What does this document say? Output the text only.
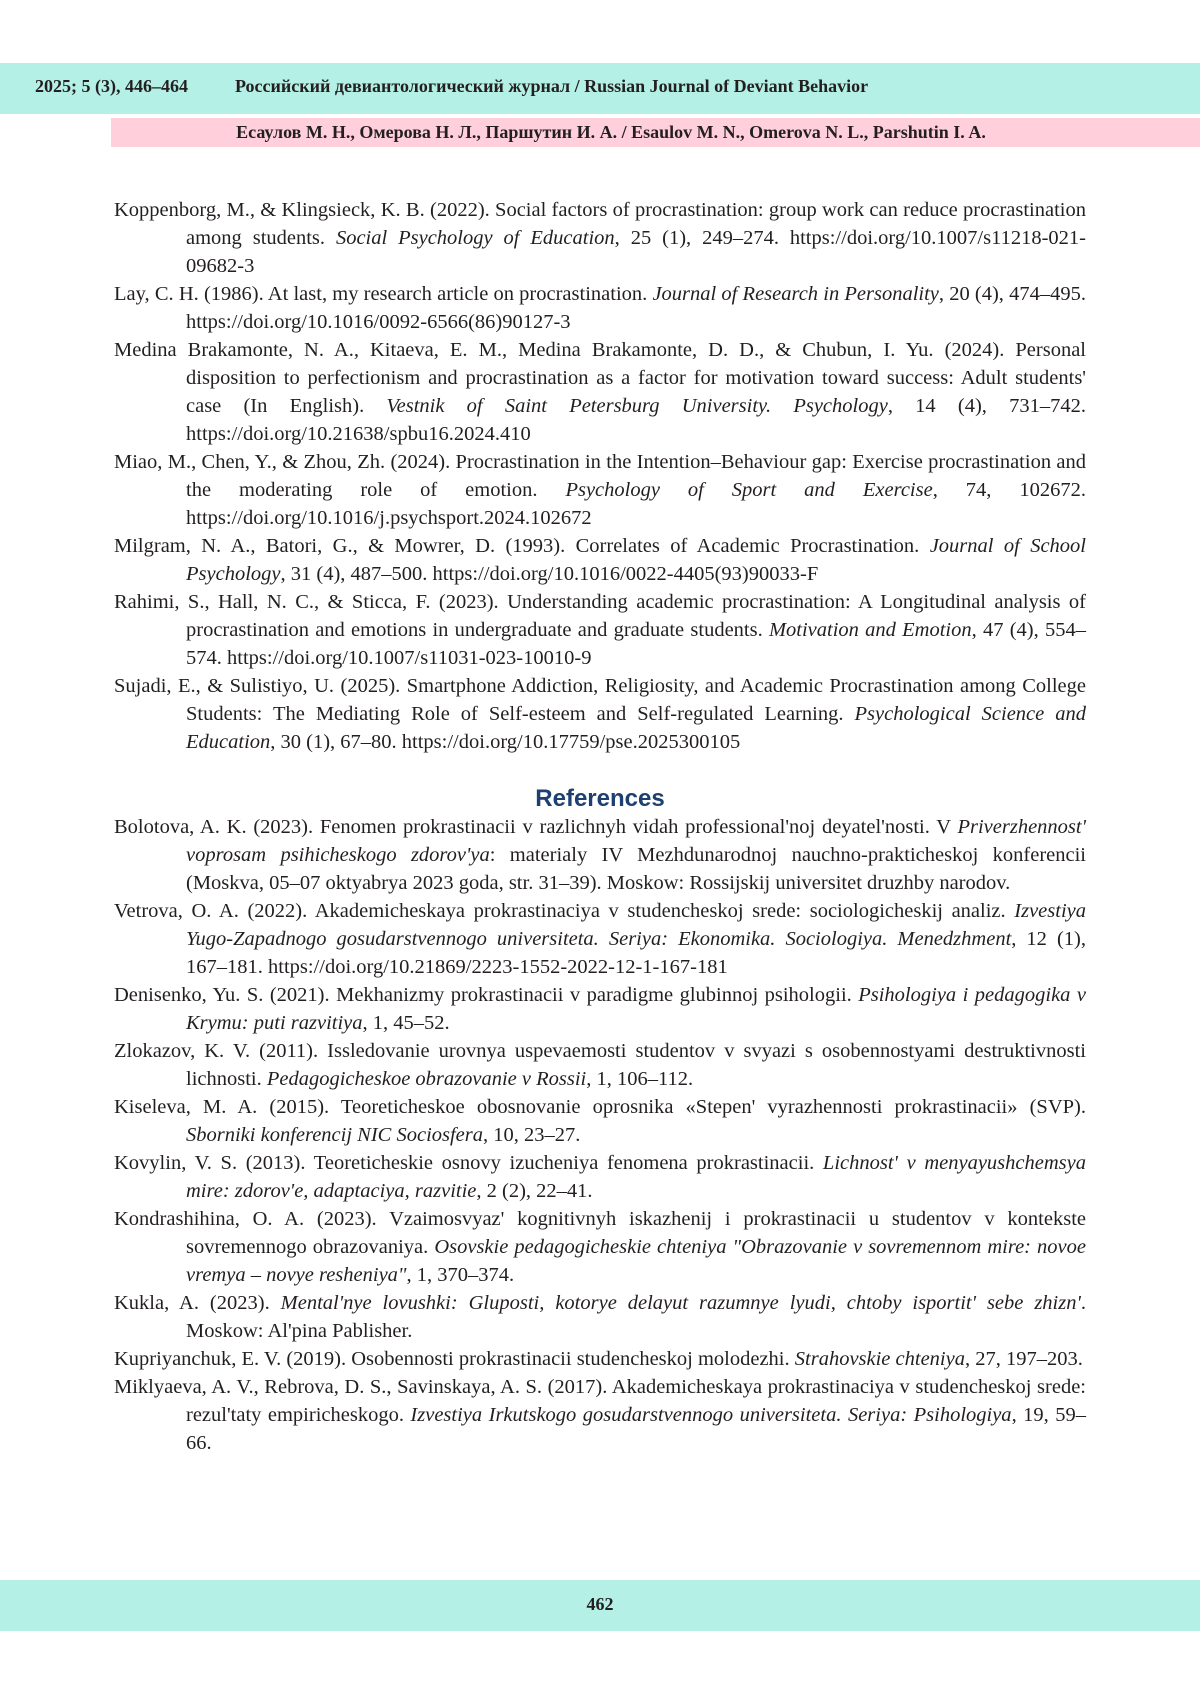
2025; 5 (3), 446–464	Российский девиантологический журнал / Russian Journal of Deviant Behavior
Есаулов М. Н., Омерова Н. Л., Паршутин И. А. / Esaulov M. N., Omerova N. L., Parshutin I. A.

Koppenborg, M., & Klingsieck, K. B. (2022). Social factors of procrastination: group work can reduce procrastination among students. Social Psychology of Education, 25 (1), 249–274. https://doi.org/10.1007/s11218-021-09682-3

Lay, C. H. (1986). At last, my research article on procrastination. Journal of Research in Personality, 20 (4), 474–495. https://doi.org/10.1016/0092-6566(86)90127-3

Medina Brakamonte, N. A., Kitaeva, E. M., Medina Brakamonte, D. D., & Chubun, I. Yu. (2024). Personal disposition to perfectionism and procrastination as a factor for motivation toward success: Adult students' case (In English). Vestnik of Saint Petersburg University. Psychology, 14 (4), 731–742. https://doi.org/10.21638/spbu16.2024.410

Miao, M., Chen, Y., & Zhou, Zh. (2024). Procrastination in the Intention–Behaviour gap: Exercise procrastination and the moderating role of emotion. Psychology of Sport and Exercise, 74, 102672. https://doi.org/10.1016/j.psychsport.2024.102672

Milgram, N. A., Batori, G., & Mowrer, D. (1993). Correlates of Academic Procrastination. Journal of School Psychology, 31 (4), 487–500. https://doi.org/10.1016/0022-4405(93)90033-F

Rahimi, S., Hall, N. C., & Sticca, F. (2023). Understanding academic procrastination: A Longitudinal analysis of procrastination and emotions in undergraduate and graduate students. Motivation and Emotion, 47 (4), 554–574. https://doi.org/10.1007/s11031-023-10010-9

Sujadi, E., & Sulistiyo, U. (2025). Smartphone Addiction, Religiosity, and Academic Procrastination among College Students: The Mediating Role of Self-esteem and Self-regulated Learning. Psychological Science and Education, 30 (1), 67–80. https://doi.org/10.17759/pse.2025300105

References

Bolotova, A. K. (2023). Fenomen prokrastinacii v razlichnyh vidah professional'noj deyatel'nosti. V Priverzhennost' voprosam psihicheskogo zdorov'ya: materialy IV Mezhdunarodnoj nauchno-prakticheskoj konferencii (Moskva, 05–07 oktyabrya 2023 goda, str. 31–39). Moskow: Rossijskij universitet druzhby narodov.

Vetrova, O. A. (2022). Akademicheskaya prokrastinaciya v studencheskoj srede: sociologicheskij analiz. Izvestiya Yugo-Zapadnogo gosudarstvennogo universiteta. Seriya: Ekonomika. Sociologiya. Menedzhment, 12 (1), 167–181. https://doi.org/10.21869/2223-1552-2022-12-1-167-181

Denisenko, Yu. S. (2021). Mekhanizmy prokrastinacii v paradigme glubinnoj psihologii. Psihologiya i pedagogika v Krymu: puti razvitiya, 1, 45–52.

Zlokazov, K. V. (2011). Issledovanie urovnya uspevaemosti studentov v svyazi s osobennostyami destruktivnosti lichnosti. Pedagogicheskoe obrazovanie v Rossii, 1, 106–112.

Kiseleva, M. A. (2015). Teoreticheskoe obosnovanie oprosnika «Stepen' vyrazhennosti prokrastinacii» (SVP). Sborniki konferencij NIC Sociosfera, 10, 23–27.

Kovylin, V. S. (2013). Teoreticheskie osnovy izucheniya fenomena prokrastinacii. Lichnost' v menyayushchemsya mire: zdorov'e, adaptaciya, razvitie, 2 (2), 22–41.

Kondrashihina, O. A. (2023). Vzaimosvyaz' kognitivnyh iskazhenij i prokrastinacii u studentov v kontekste sovremennogo obrazovaniya. Osovskie pedagogicheskie chteniya "Obrazovanie v sovremennom mire: novoe vremya – novye resheniya", 1, 370–374.

Kukla, A. (2023). Mental'nye lovushki: Gluposti, kotorye delayut razumnye lyudi, chtoby isportit' sebe zhizn'. Moskow: Al'pina Pablisher.

Kupriyanchuk, E. V. (2019). Osobennosti prokrastinacii studencheskoj molodezhi. Strahovskie chteniya, 27, 197–203.

Miklyaeva, A. V., Rebrova, D. S., Savinskaya, A. S. (2017). Akademicheskaya prokrastinaciya v studencheskoj srede: rezul'taty empiricheskogo. Izvestiya Irkutskogo gosudarstvennogo universiteta. Seriya: Psihologiya, 19, 59–66.

462
